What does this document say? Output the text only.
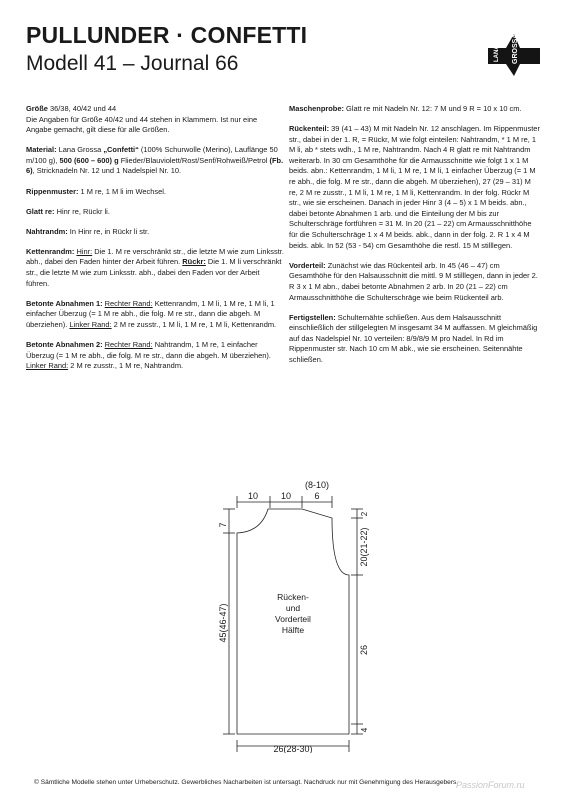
PULLUNDER · CONFETTI
Modell 41 – Journal 66	LANA GROSSA

Größe 36/38, 40/42 und 44
Die Angaben für Größe 40/42 und 44 stehen in Klammern. Ist nur eine Angabe gemacht, gilt diese für alle Größen.

Material: Lana Grossa „Confetti“ (100% Schurwolle (Merino), Lauflänge 50 m/100 g), 500 (600 – 600) g Flieder/Blauviolett/Rost/Senf/Rohweiß/Petrol (Fb. 6), Stricknadeln Nr. 12 und 1 Nadelspiel Nr. 10.

Rippenmuster: 1 M re, 1 M li im Wechsel.

Glatt re: Hinr re, Rückr li.

Nahtrandm: In Hinr re, in Rückr li str.

Kettenrandm: Hinr: Die 1. M re verschränkt str., die letzte M wie zum Linksstr. abh., dabei den Faden hinter der Arbeit führen. Rückr: Die 1. M li verschränkt str., die letzte M wie zum Linksstr. abh., dabei den Faden vor der Arbeit führen.

Betonte Abnahmen 1: Rechter Rand: Kettenrandm, 1 M li, 1 M re, 1 M li, 1 einfacher Überzug (= 1 M re abh., die folg. M re str., dann die abgeh. M überziehen). Linker Rand: 2 M re zusstr., 1 M li, 1 M re, 1 M li, Kettenrandm.

Betonte Abnahmen 2: Rechter Rand: Nahtrandm, 1 M re, 1 einfacher Überzug (= 1 M re abh., die folg. M re str., dann die abgeh. M überziehen). Linker Rand: 2 M re zusstr., 1 M re, Nahtrandm.

Maschenprobe: Glatt re mit Nadeln Nr. 12: 7 M und 9 R = 10 x 10 cm.

Rückenteil: 39 (41 – 43) M mit Nadeln Nr. 12 anschlagen. Im Rippenmuster str., dabei in der 1. R, = Rückr, M wie folgt einteilen: Nahtrandm, * 1 M re, 1 M li, ab * stets wdh., 1 M re, Nahtrandm. Nach 4 R glatt re mit Nahtrandm weiterarb. In 30 cm Gesamthöhe für die Armausschnitte wie folgt 1 x 1 M beids. abn.: Kettenrandm, 1 M li, 1 M re, 1 M li, 1 einfacher Überzug (= 1 M re abh., die folg. M re str., dann die abgeh. M überziehen), 27 (29 – 31) M re, 2 M re zusstr., 1 M li, 1 M re, 1 M li, Kettenrandm. In der folg. Rückr M str., wie sie erscheinen. Danach in jeder Hinr 3 (4 – 5) x 1 M beids. abn., dabei betonte Abnahmen 1 arb. und die Einteilung der M bis zur Schulterschräge fortführen = 31 M. In 20 (21 – 22) cm Armausschnitthöhe für die Schulterschräge 1 x 4 M beids. abk., dann in der folg. 2. R 1 x 4 M beids. abk. In 52 (53 - 54) cm Gesamthöhe die restl. 15 M stilllegen.

Vorderteil: Zunächst wie das Rückenteil arb. In 45 (46 – 47) cm Gesamthöhe für den Halsausschnitt die mittl. 9 M stilllegen, dann in jeder 2. R 3 x 1 M abn., dabei betonte Abnahmen 2 arb. In 20 (21 – 22) cm Armausschnitthöhe die Schulterschräge wie beim Rückenteil arb.

Fertigstellen: Schulternähte schließen. Aus dem Halsausschnitt einschließlich der stillgelegten M insgesamt 34 M auffassen. M gleichmäßig auf das Nadelspiel Nr. 10 verteilen: 8/9/8/9 M pro Nadel. In Rd im Rippenmuster str. Nach 10 cm M abk., wie sie erscheinen. Seitennähte schließen.

10	10
(8-10)
6
26(28-30)
7
45(46-47)
2
20(21-22)
26
4
Rücken-
und
Vorderteil
Hälfte
© Sämtliche Modelle stehen unter Urheberschutz. Gewerbliches Nacharbeiten ist untersagt. Nachdruck nur mit Genehmigung des Herausgebers.
PassionForum.ru
